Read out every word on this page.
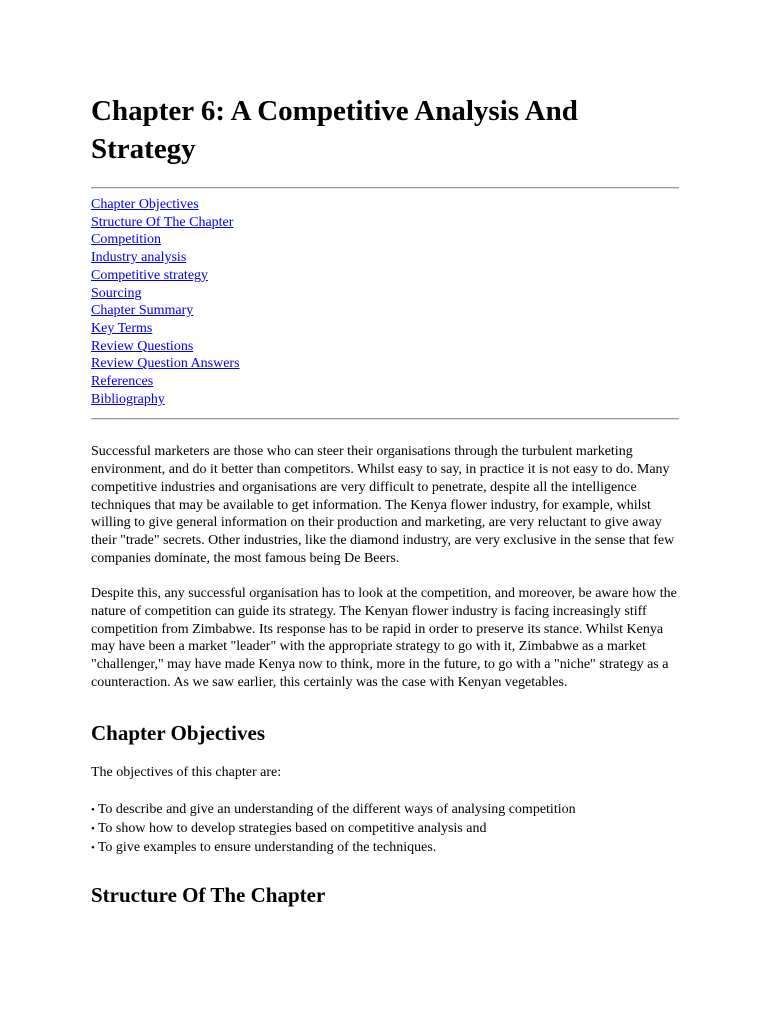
Chapter 6: A Competitive Analysis And Strategy
Chapter Objectives
Structure Of The Chapter
Competition
Industry analysis
Competitive strategy
Sourcing
Chapter Summary
Key Terms
Review Questions
Review Question Answers
References
Bibliography

Successful marketers are those who can steer their organisations through the turbulent marketing environment, and do it better than competitors. Whilst easy to say, in practice it is not easy to do. Many competitive industries and organisations are very difficult to penetrate, despite all the intelligence techniques that may be available to get information. The Kenya flower industry, for example, whilst willing to give general information on their production and marketing, are very reluctant to give away their "trade" secrets. Other industries, like the diamond industry, are very exclusive in the sense that few companies dominate, the most famous being De Beers.

Despite this, any successful organisation has to look at the competition, and moreover, be aware how the nature of competition can guide its strategy. The Kenyan flower industry is facing increasingly stiff competition from Zimbabwe. Its response has to be rapid in order to preserve its stance. Whilst Kenya may have been a market "leader" with the appropriate strategy to go with it, Zimbabwe as a market "challenger," may have made Kenya now to think, more in the future, to go with a "niche" strategy as a counteraction. As we saw earlier, this certainly was the case with Kenyan vegetables.

Chapter Objectives

The objectives of this chapter are:

• To describe and give an understanding of the different ways of analysing competition
• To show how to develop strategies based on competitive analysis and
• To give examples to ensure understanding of the techniques.
Structure Of The Chapter
